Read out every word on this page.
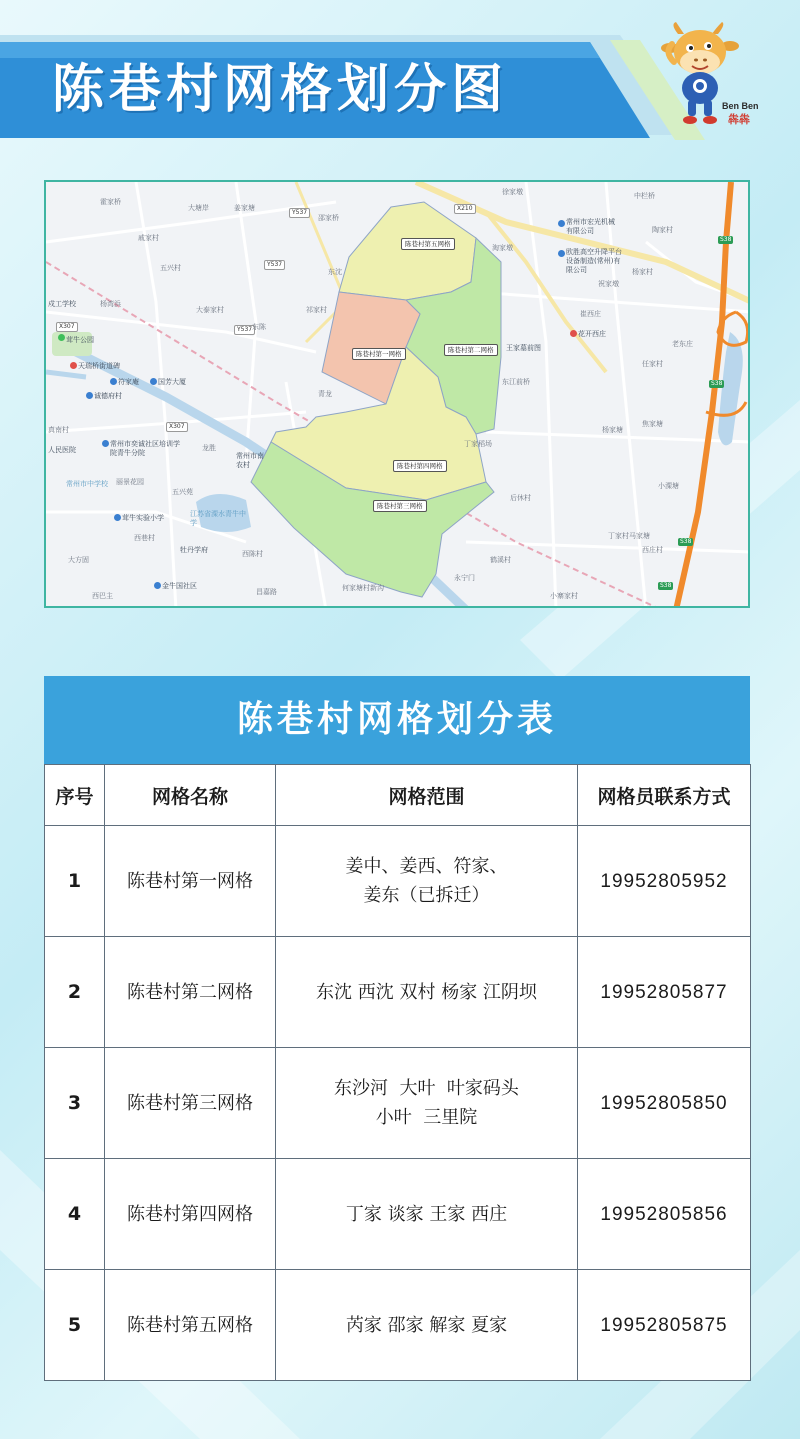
陈巷村网格划分图	Ben Ben
犇犇
陈巷村第五网格
陈巷村第一网格	陈巷村第二网格
陈巷村第四网格
陈巷村第三网格
X210
Y537
Y537
Y537
X307
X307
S38
S38
S38
S38
霍家桥
大塘岸
戚家村
姜家塘
邵家桥
五兴村
杨湾浜
大泰家村
东沈
东陈
戍工学校
茸牛公园
天瑞桥街道碑
符家庵	国芳大厦
诚德府村
真南村
人民医院
常州市奕诚社区培训学院青牛分院
龙胜
常州市南农村
丽景花园
五兴苑
常州市中学校
江苏省溧水青牛中学
茸牛实验小学
西巷村
牡丹学府	西陈村
大方固
金牛国社区
西巴主	昌嘉路	何家塘村新沟
永宁门
小寨家村
鹤溪村
丁家村马家塘
西庄村
后休村
小溧塘
杨家塘
丁家稻场
东江前桥
王家墓前图
青龙
祁家村
常州市宏光机械有限公司
欧胜高空升降平台设备制造(常州)有限公司
花开西庄
徐家墩
淘家墩
任家村
祝家墩
崔西庄
老东庄
杨家村
中栏桥
陶家村
焦家塘
陈巷村网格划分表
序号	网格名称	网格范围	网格员联系方式
1	陈巷村第一网格	姜中、姜西、符家、
姜东（已拆迁）	19952805952
2	陈巷村第二网格	东沈 西沈 双村 杨家 江阴坝	19952805877
3	陈巷村第三网格	东沙河  大叶  叶家码头
小叶  三里院	19952805850
4	陈巷村第四网格	丁家 谈家 王家 西庄	19952805856
5	陈巷村第五网格	芮家 邵家 解家 夏家	19952805875
